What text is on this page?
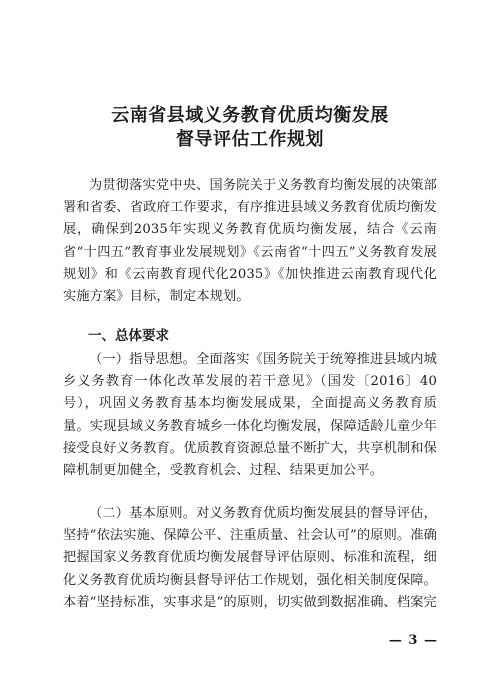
云南省县域义务教育优质均衡发展
督导评估工作规划

为贯彻落实党中央、国务院关于义务教育均衡发展的决策部署和省委、省政府工作要求，有序推进县域义务教育优质均衡发展，确保到2035年实现义务教育优质均衡发展，结合《云南省“十四五”教育事业发展规划》《云南省“十四五”义务教育发展规划》和《云南教育现代化2035》《加快推进云南教育现代化实施方案》目标，制定本规划。

一、总体要求

（一）指导思想。全面落实《国务院关于统筹推进县域内城乡义务教育一体化改革发展的若干意见》（国发〔2016〕40号），巩固义务教育基本均衡发展成果，全面提高义务教育质量。实现县域义务教育城乡一体化均衡发展，保障适龄儿童少年接受良好义务教育。优质教育资源总量不断扩大，共享机制和保障机制更加健全，受教育机会、过程、结果更加公平。

（二）基本原则。对义务教育优质均衡发展县的督导评估，坚持“依法实施、保障公平、注重质量、社会认可”的原则。准确把握国家义务教育优质均衡发展督导评估原则、标准和流程，细化义务教育优质均衡县督导评估工作规划，强化相关制度保障。本着“坚持标准，实事求是”的原则，切实做到数据准确、档案完

— 3 —
